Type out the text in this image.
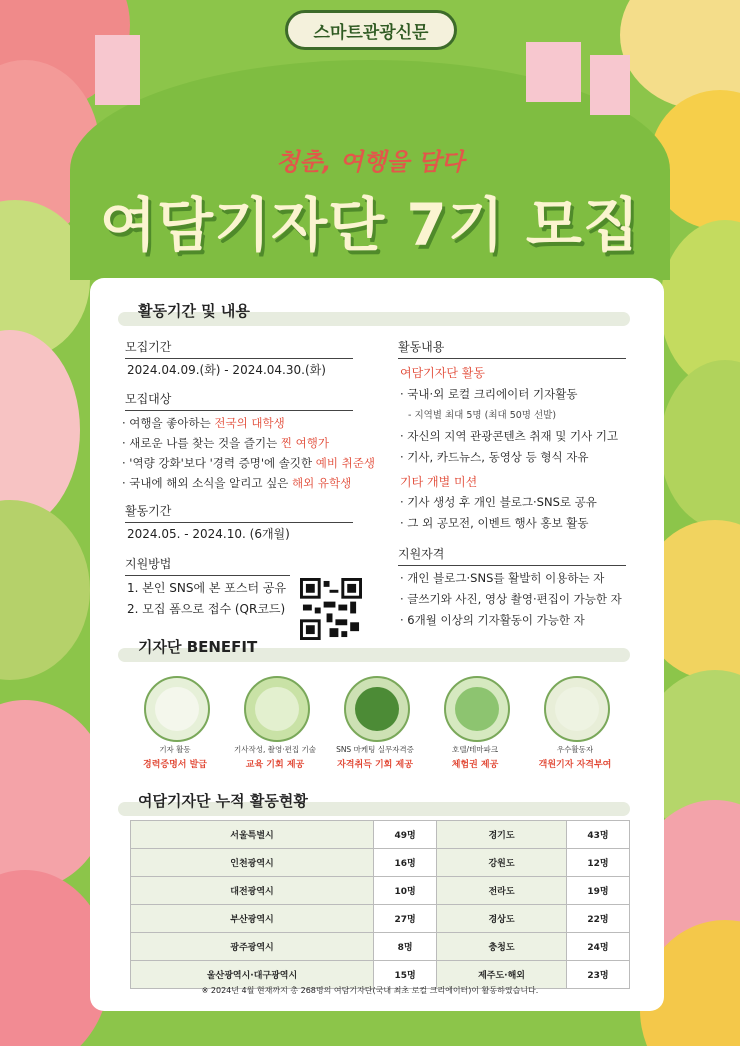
스마트관광신문
청춘, 여행을 담다
여담기자단 7기 모집
활동기간 및 내용
모집기간
2024.04.09.(화) - 2024.04.30.(화)
모집대상
· 여행을 좋아하는 전국의 대학생
· 새로운 나를 찾는 것을 즐기는 찐 여행가
· '역량 강화'보다 '경력 증명'에 솔깃한 예비 취준생
· 국내에 해외 소식을 알리고 싶은 해외 유학생
활동기간
2024.05. - 2024.10. (6개월)
지원방법
1. 본인 SNS에 본 포스터 공유
2. 모집 폼으로 접수 (QR코드)
활동내용
여담기자단 활동
· 국내·외 로컬 크리에이터 기자활동
- 지역별 최대 5명 (최대 50명 선발)
· 자신의 지역 관광콘텐츠 취재 및 기사 기고
· 기사, 카드뉴스, 동영상 등 형식 자유
기타 개별 미션
· 기사 생성 후 개인 블로그·SNS로 공유
· 그 외 공모전, 이벤트 행사 홍보 활동
지원자격
· 개인 블로그·SNS를 활발히 이용하는 자
· 글쓰기와 사진, 영상 촬영·편집이 가능한 자
· 6개월 이상의 기자활동이 가능한 자
기자단 BENEFIT
기자 활동
경력증명서 발급
기사작성, 촬영·편집 기술
교육 기회 제공
SNS 마케팅 실무자격증
자격취득 기회 제공
호텔/테마파크
체험권 제공
우수활동자
객원기자 자격부여
여담기자단 누적 활동현황
서울특별시	49명	경기도	43명
인천광역시	16명	강원도	12명
대전광역시	10명	전라도	19명
부산광역시	27명	경상도	22명
광주광역시	8명	충청도	24명
울산광역시·대구광역시	15명	제주도·해외	23명
※ 2024년 4월 현재까지 총 268명의 여담기자단(국내 최초 로컬 크리에이터)이 활동하였습니다.
